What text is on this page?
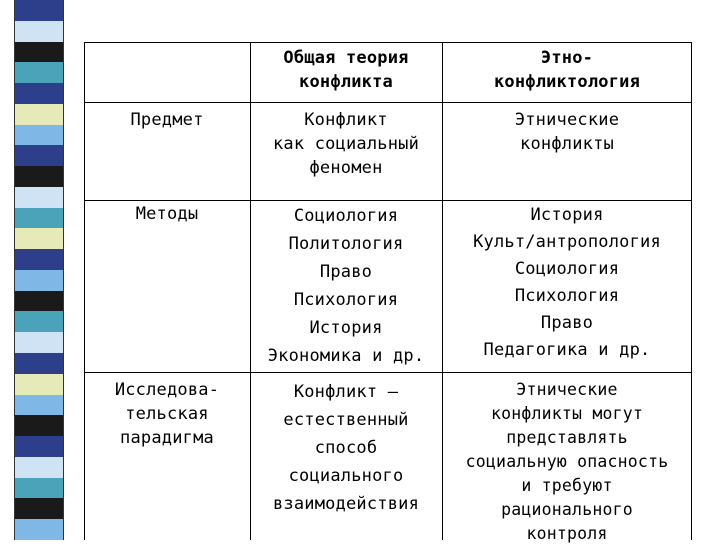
Общая теория
конфликта
Этно-
конфликтология
Предмет	Конфликт
как социальный
феномен
Этнические
конфликты
Методы	Социология
Политология
Право
Психология
История
Экономика и др.
История
Культ/антропология
Социология
Психология
Право
Педагогика и др.
Исследова-
тельская
парадигма
Конфликт –
естественный
способ
социального
взаимодействия
Этнические
конфликты могут
представлять
социальную опасность
и требуют
рационального
контроля
